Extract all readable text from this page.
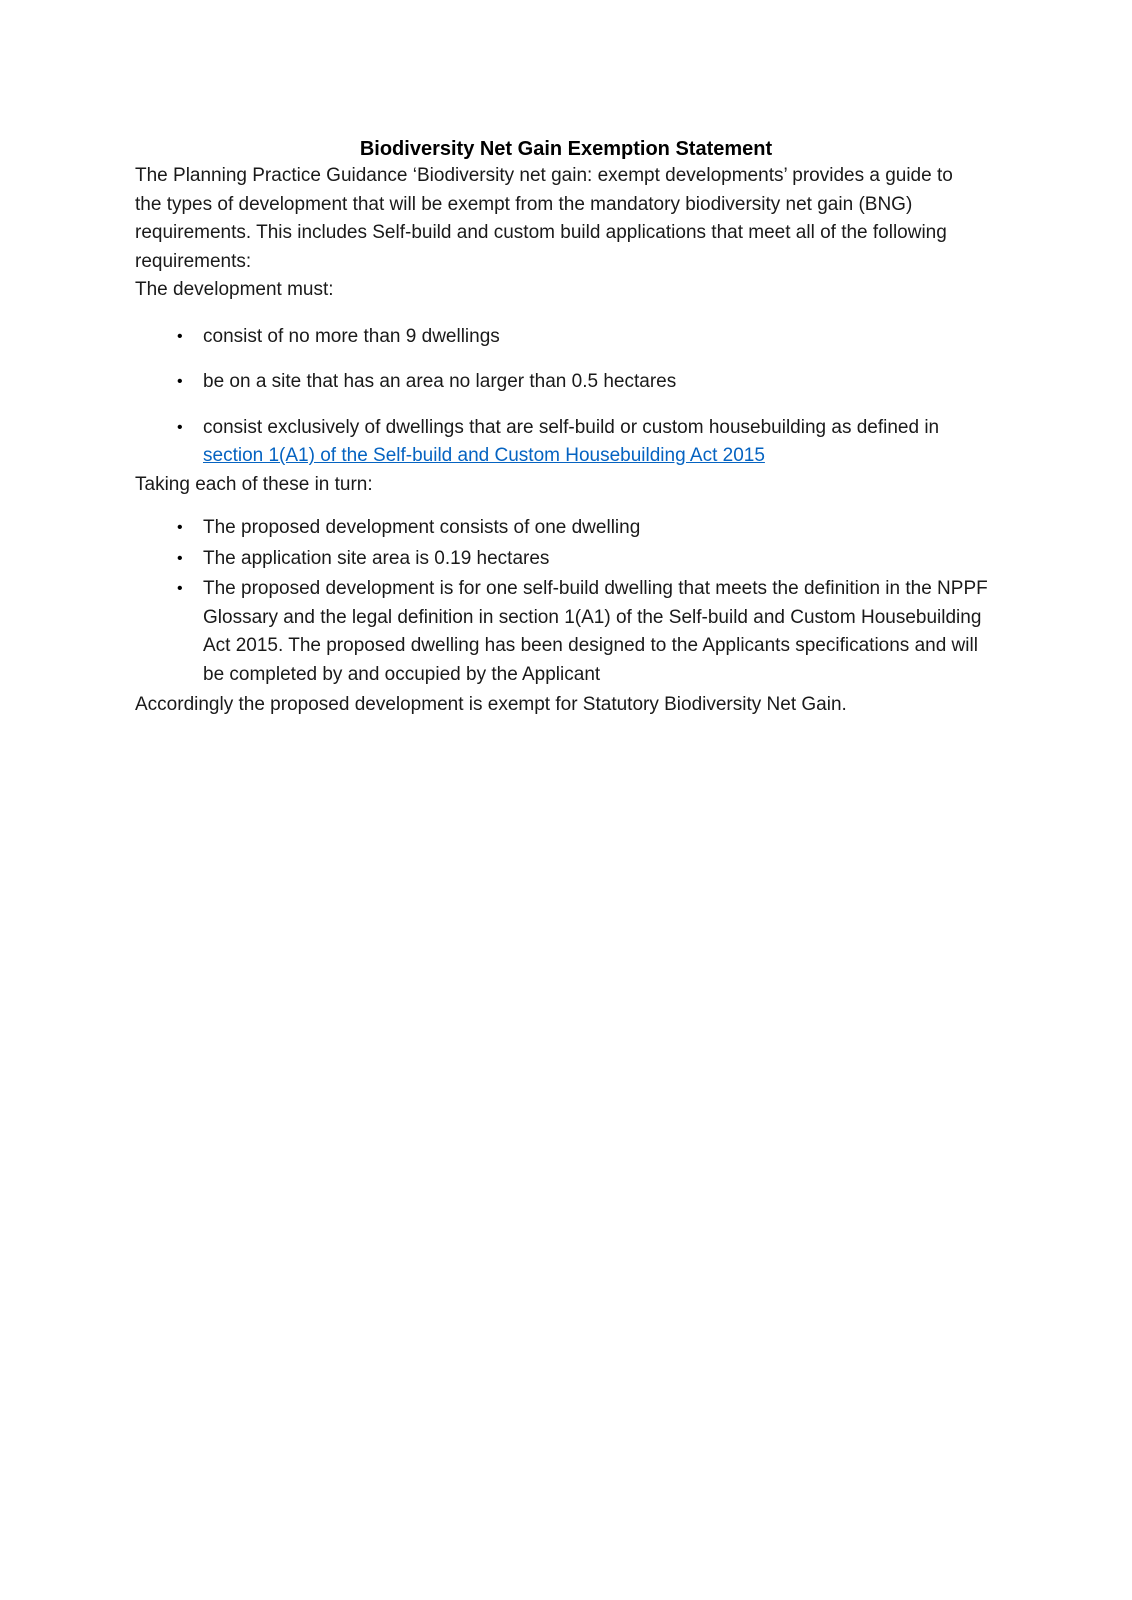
Biodiversity Net Gain Exemption Statement

The Planning Practice Guidance ‘Biodiversity net gain: exempt developments’ provides a guide to the types of development that will be exempt from the mandatory biodiversity net gain (BNG) requirements. This includes Self-build and custom build applications that meet all of the following requirements:

The development must:

• consist of no more than 9 dwellings
• be on a site that has an area no larger than 0.5 hectares
• consist exclusively of dwellings that are self-build or custom housebuilding as defined in section 1(A1) of the Self-build and Custom Housebuilding Act 2015

Taking each of these in turn:

• The proposed development consists of one dwelling
• The application site area is 0.19 hectares
• The proposed development is for one self-build dwelling that meets the definition in the NPPF Glossary and the legal definition in section 1(A1) of the Self-build and Custom Housebuilding Act 2015. The proposed dwelling has been designed to the Applicants specifications and will be completed by and occupied by the Applicant

Accordingly the proposed development is exempt for Statutory Biodiversity Net Gain.
